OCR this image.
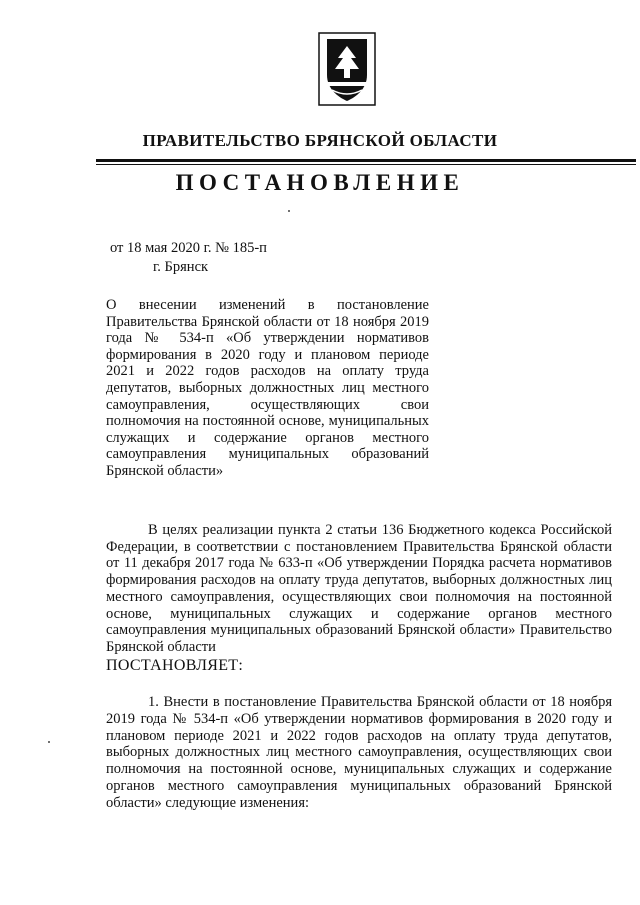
ПРАВИТЕЛЬСТВО БРЯНСКОЙ ОБЛАСТИ
ПОСТАНОВЛЕНИЕ
от 18 мая 2020 г. № 185-п
г. Брянск
О внесении изменений в постановление Правительства Брянской области от 18 ноября 2019 года № 534-п «Об утверждении нормативов формирования в 2020 году и плановом периоде 2021 и 2022 годов расходов на оплату труда депутатов, выборных должностных лиц местного самоуправления, осуществляющих свои полномочия на постоянной основе, муниципальных служащих и содержание органов местного самоуправления муниципальных образований Брянской области»
В целях реализации пункта 2 статьи 136 Бюджетного кодекса Российской Федерации, в соответствии с постановлением Правительства Брянской области от 11 декабря 2017 года № 633-п «Об утверждении Порядка расчета нормативов формирования расходов на оплату труда депутатов, выборных должностных лиц местного самоуправления, осуществляющих свои полномочия на постоянной основе, муниципальных служащих и содержание органов местного самоуправления муниципальных образований Брянской области» Правительство Брянской области
ПОСТАНОВЛЯЕТ:
1. Внести в постановление Правительства Брянской области от 18 ноября 2019 года № 534-п «Об утверждении нормативов формирования в 2020 году и плановом периоде 2021 и 2022 годов расходов на оплату труда депутатов, выборных должностных лиц местного самоуправления, осуществляющих свои полномочия на постоянной основе, муниципальных служащих и содержание органов местного самоуправления муниципальных образований Брянской области» следующие изменения:
